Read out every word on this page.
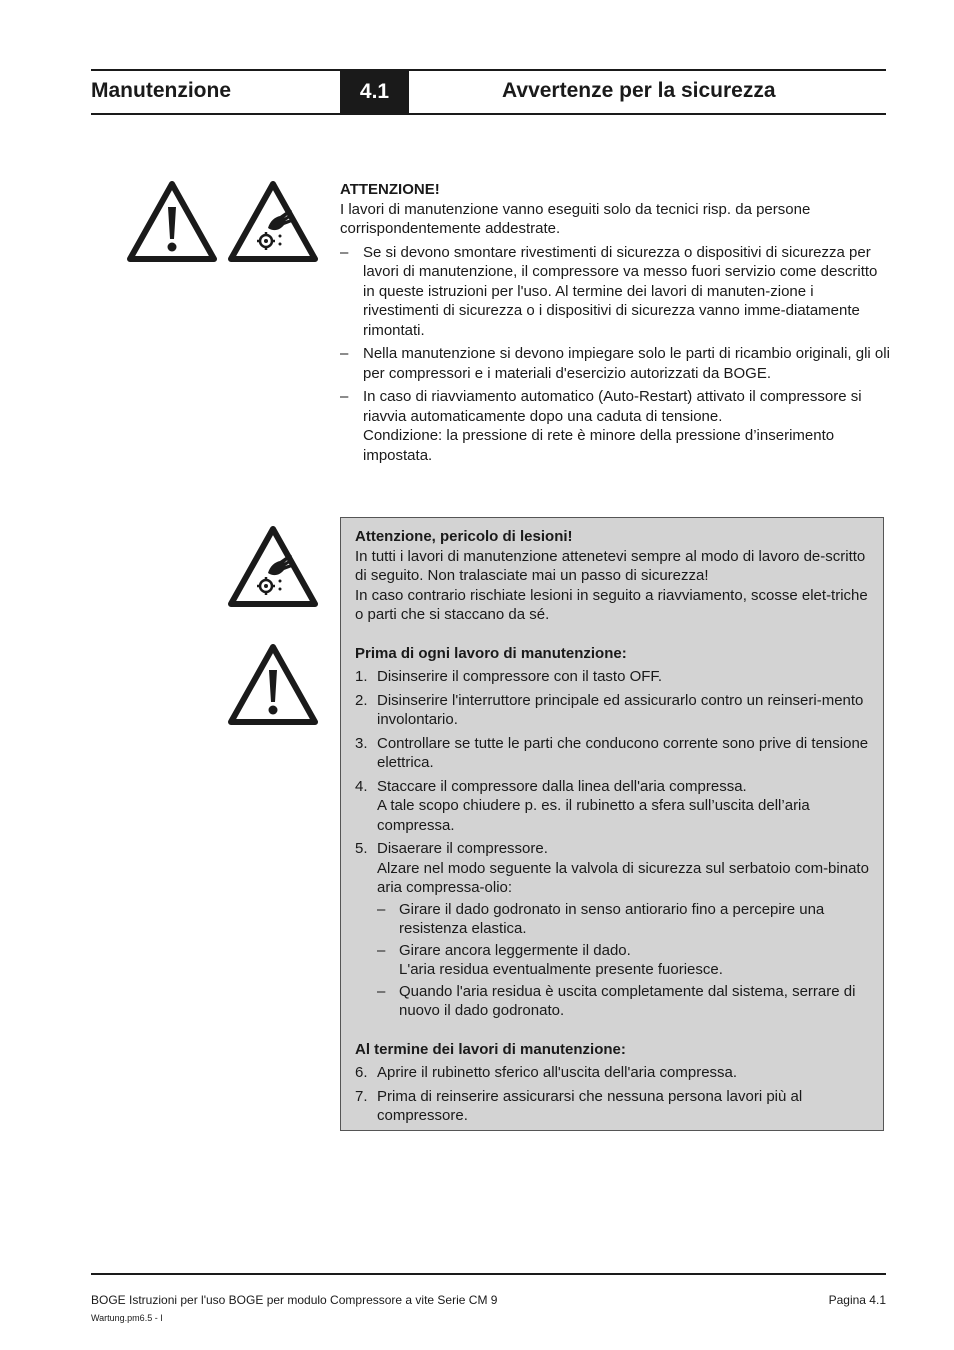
Manutenzione	4.1	Avvertenze per la sicurezza
ATTENZIONE!
I lavori di manutenzione vanno eseguiti solo da tecnici risp. da persone corrispondentemente addestrate.
– Se si devono smontare rivestimenti di sicurezza o dispositivi di sicurezza per lavori di manutenzione, il compressore va messo fuori servizio come descritto in queste istruzioni per l'uso. Al termine dei lavori di manuten-zione i rivestimenti di sicurezza o i dispositivi di sicurezza vanno imme-diatamente rimontati.
– Nella manutenzione si devono impiegare solo le parti di ricambio originali, gli oli per compressori e i materiali d'esercizio autorizzati da BOGE.
– In caso di riavviamento automatico (Auto-Restart) attivato il compressore si riavvia automaticamente dopo una caduta di tensione.
Condizione: la pressione di rete è minore della pressione d’inserimento impostata.
Attenzione, pericolo di lesioni!
In tutti i lavori di manutenzione attenetevi sempre al modo di lavoro de-scritto di seguito. Non tralasciate mai un passo di sicurezza!
In caso contrario rischiate lesioni in seguito a riavviamento, scosse elet-triche o parti che si staccano da sé.
Prima di ogni lavoro di manutenzione:
1. Disinserire il compressore con il tasto OFF.
2. Disinserire l'interruttore principale ed assicurarlo contro un reinseri-mento involontario.
3. Controllare se tutte le parti che conducono corrente sono prive di tensione elettrica.
4. Staccare il compressore dalla linea dell'aria compressa.
A tale scopo chiudere p. es. il rubinetto a sfera sull’uscita dell’aria compressa.
5. Disaerare il compressore.
Alzare nel modo seguente la valvola di sicurezza sul serbatoio com-binato aria compressa-olio:
– Girare il dado godronato in senso antiorario fino a percepire una resistenza elastica.
– Girare ancora leggermente il dado.
L'aria residua eventualmente presente fuoriesce.
– Quando l'aria residua è uscita completamente dal sistema, serrare di nuovo il dado godronato.
Al termine dei lavori di manutenzione:
6. Aprire il rubinetto sferico all'uscita dell'aria compressa.
7. Prima di reinserire assicurarsi che nessuna persona lavori più al compressore.
BOGE Istruzioni per l'uso BOGE per modulo Compressore a vite Serie CM 9	Pagina 4.1
Wartung.pm6.5 - I
